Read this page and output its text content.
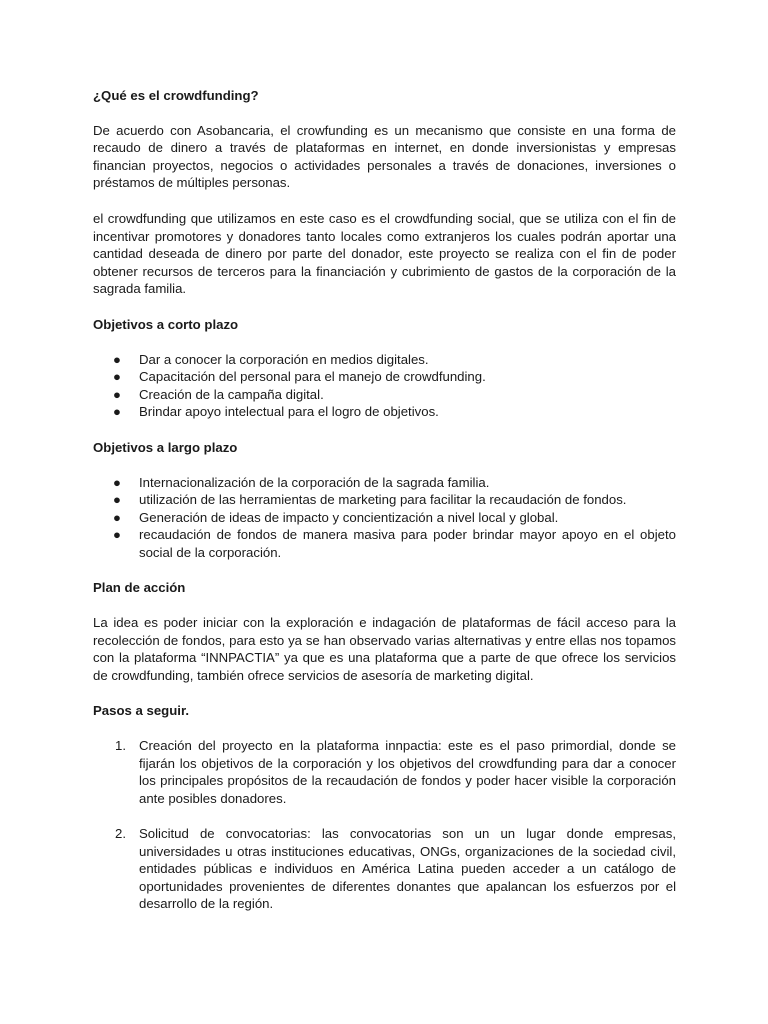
¿Qué es el crowdfunding?

De acuerdo con Asobancaria, el crowfunding es un mecanismo que consiste en una forma de recaudo de dinero a través de plataformas en internet, en donde inversionistas y empresas financian proyectos, negocios o actividades personales a través de donaciones, inversiones o préstamos de múltiples personas.

el crowdfunding que utilizamos en este caso es el crowdfunding social, que se utiliza con el fin de incentivar promotores y donadores tanto locales como extranjeros los cuales podrán aportar una cantidad deseada de dinero por parte del donador, este proyecto se realiza con el fin de poder obtener recursos de terceros para la financiación y cubrimiento de gastos de la corporación de la sagrada familia.

Objetivos a corto plazo
● Dar a conocer la corporación en medios digitales.
● Capacitación del personal para el manejo de crowdfunding.
● Creación de la campaña digital.
● Brindar apoyo intelectual para el logro de objetivos.
Objetivos a largo plazo
● Internacionalización de la corporación de la sagrada familia.
● utilización de las herramientas de marketing para facilitar la recaudación de fondos.
● Generación de ideas de impacto y concientización a nivel local y global.
● recaudación de fondos de manera masiva para poder brindar mayor apoyo en el objeto social de la corporación.
Plan de acción

La idea es poder iniciar con la exploración e indagación de plataformas de fácil acceso para la recolección de fondos, para esto ya se han observado varias alternativas y entre ellas nos topamos con la plataforma “INNPACTIA” ya que es una plataforma que a parte de que ofrece los servicios de crowdfunding, también ofrece servicios de asesoría de marketing digital.

Pasos a seguir.
1. Creación del proyecto en la plataforma innpactia: este es el paso primordial, donde se fijarán los objetivos de la corporación y los objetivos del crowdfunding para dar a conocer los principales propósitos de la recaudación de fondos y poder hacer visible la corporación ante posibles donadores.
2. Solicitud de convocatorias: las convocatorias son un un lugar donde empresas, universidades u otras instituciones educativas, ONGs, organizaciones de la sociedad civil, entidades públicas e individuos en América Latina pueden acceder a un catálogo de oportunidades provenientes de diferentes donantes que apalancan los esfuerzos por el desarrollo de la región.
